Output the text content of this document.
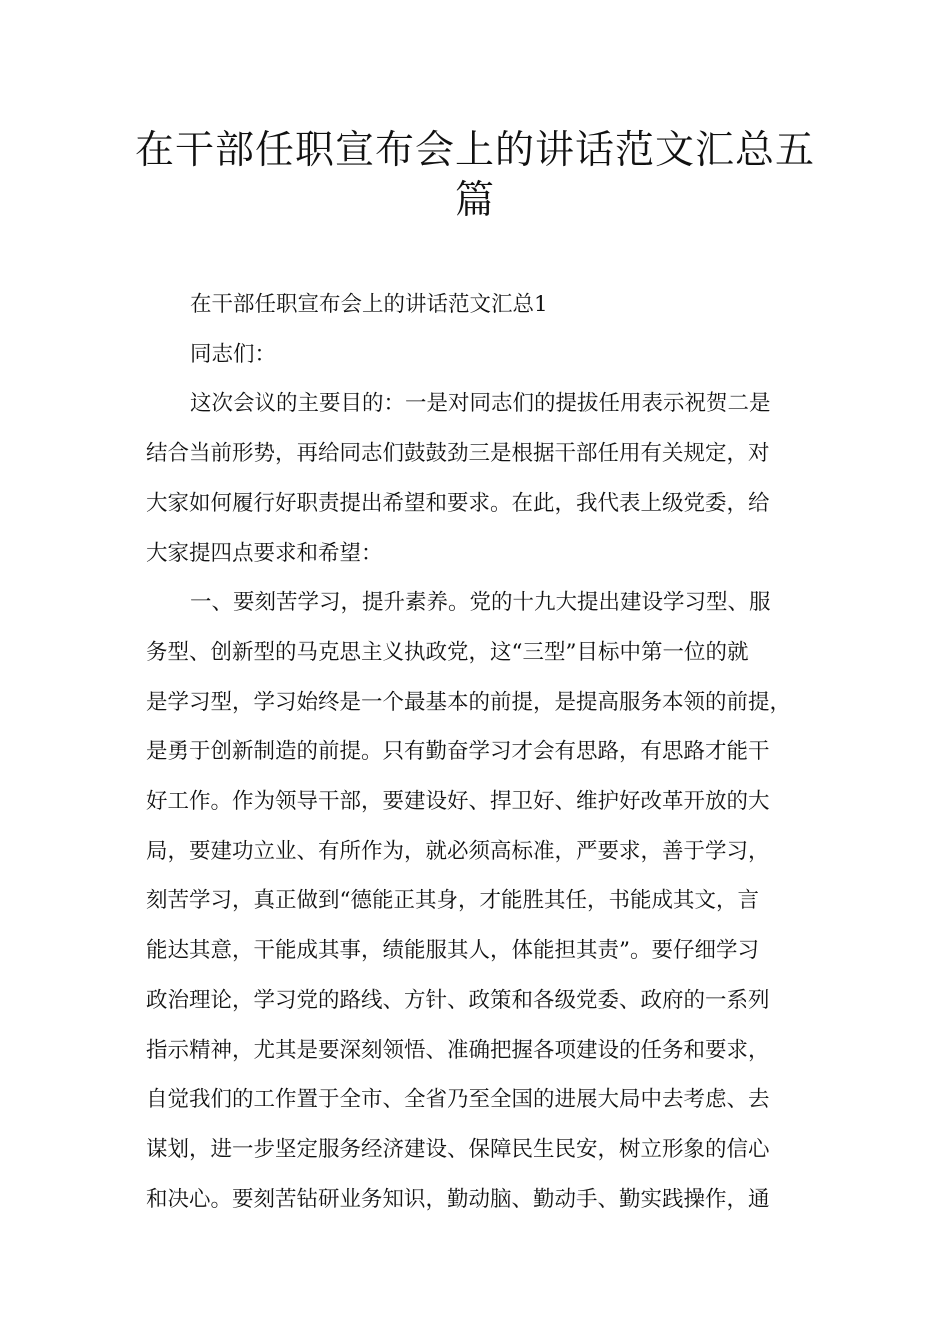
在干部任职宣布会上的讲话范文汇总五
篇
在干部任职宣布会上的讲话范文汇总1
同志们：
这次会议的主要目的：一是对同志们的提拔任用表示祝贺二是
结合当前形势，再给同志们鼓鼓劲三是根据干部任用有关规定，对
大家如何履行好职责提出希望和要求。在此，我代表上级党委，给
大家提四点要求和希望：
一、要刻苦学习，提升素养。党的十九大提出建设学习型、服
务型、创新型的马克思主义执政党，这“三型”目标中第一位的就
是学习型，学习始终是一个最基本的前提，是提高服务本领的前提，
是勇于创新制造的前提。只有勤奋学习才会有思路，有思路才能干
好工作。作为领导干部，要建设好、捍卫好、维护好改革开放的大
局，要建功立业、有所作为，就必须高标准，严要求，善于学习，
刻苦学习，真正做到“德能正其身，才能胜其任，书能成其文，言
能达其意，干能成其事，绩能服其人，体能担其责”。要仔细学习
政治理论，学习党的路线、方针、政策和各级党委、政府的一系列
指示精神，尤其是要深刻领悟、准确把握各项建设的任务和要求，
自觉我们的工作置于全市、全省乃至全国的进展大局中去考虑、去
谋划，进一步坚定服务经济建设、保障民生民安，树立形象的信心
和决心。要刻苦钻研业务知识，勤动脑、勤动手、勤实践操作，通
